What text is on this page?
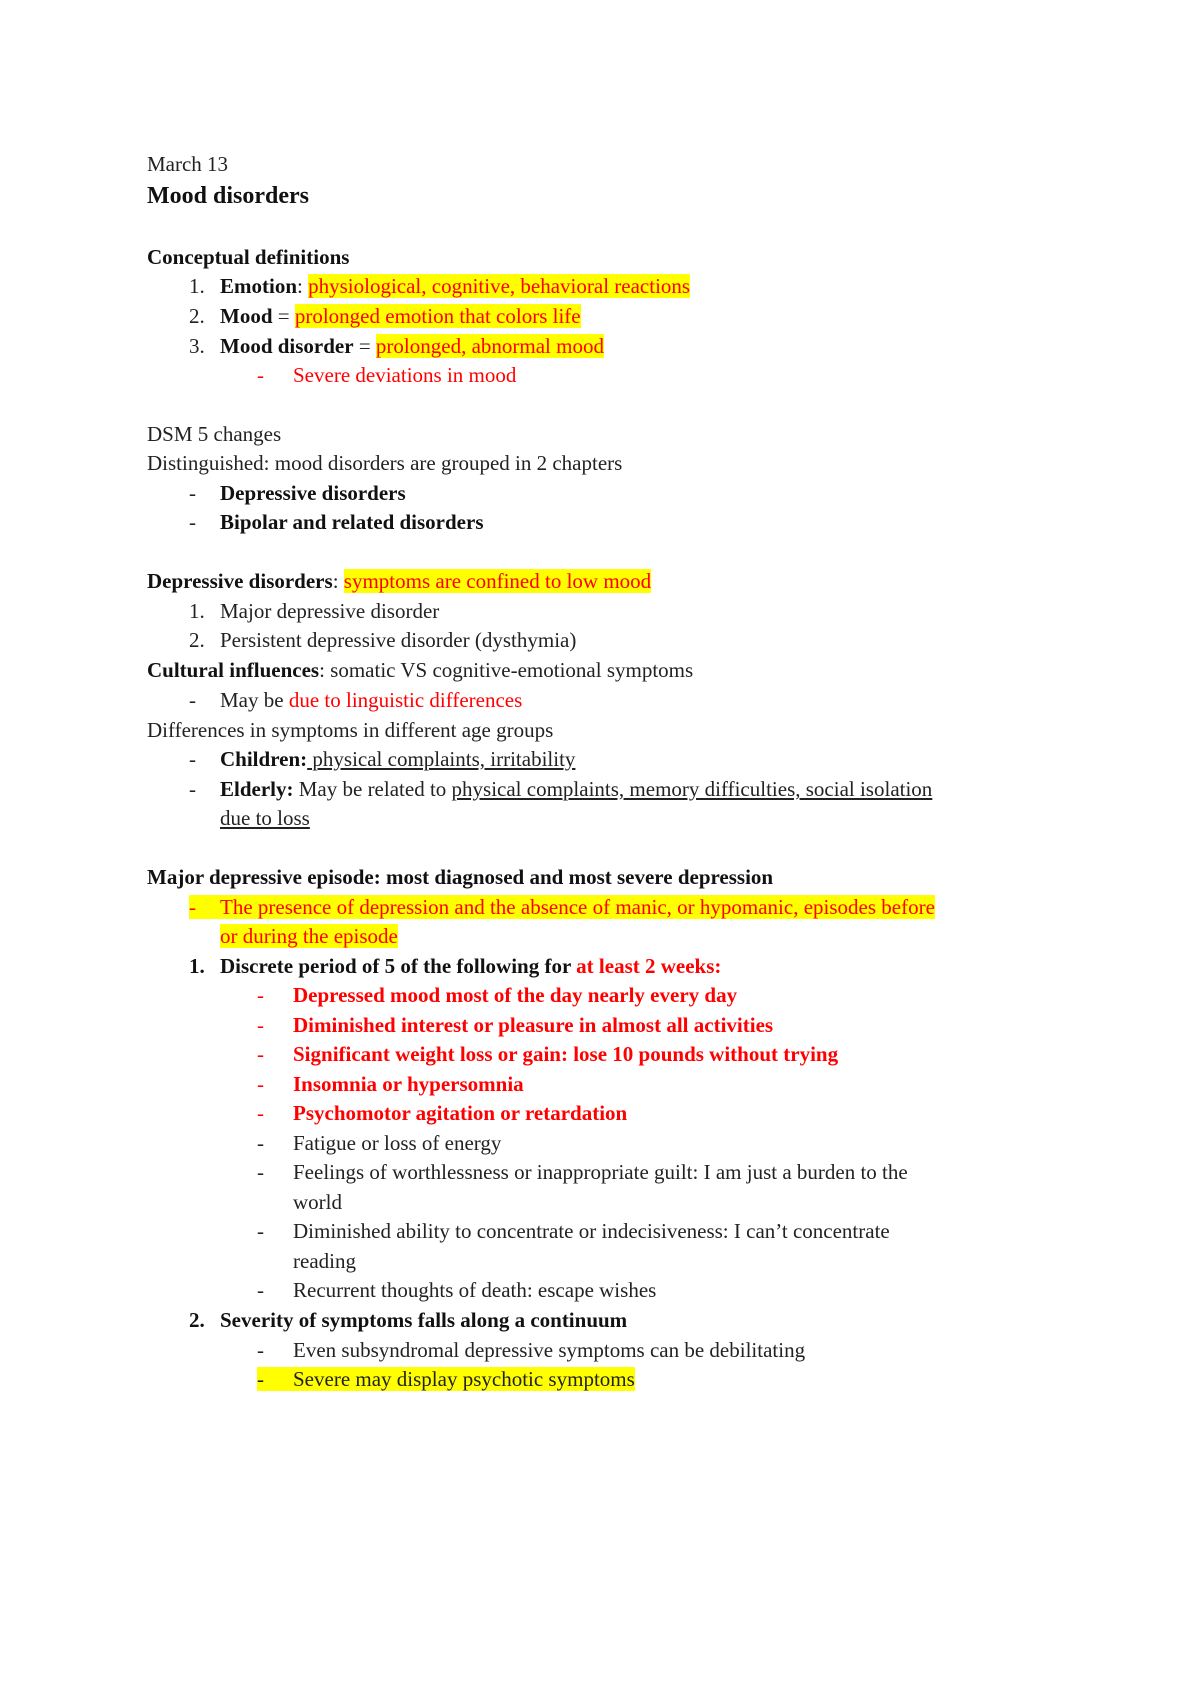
March 13
Mood disorders
Conceptual definitions
1. Emotion: physiological, cognitive, behavioral reactions
2. Mood = prolonged emotion that colors life
3. Mood disorder = prolonged, abnormal mood
- Severe deviations in mood
DSM 5 changes
Distinguished: mood disorders are grouped in 2 chapters
- Depressive disorders
- Bipolar and related disorders
Depressive disorders: symptoms are confined to low mood
1. Major depressive disorder
2. Persistent depressive disorder (dysthymia)
Cultural influences: somatic VS cognitive-emotional symptoms
- May be due to linguistic differences
Differences in symptoms in different age groups
- Children: physical complaints, irritability
- Elderly: May be related to physical complaints, memory difficulties, social isolation
due to loss
Major depressive episode: most diagnosed and most severe depression
- The presence of depression and the absence of manic, or hypomanic, episodes before
or during the episode
1. Discrete period of 5 of the following for at least 2 weeks:
- Depressed mood most of the day nearly every day
- Diminished interest or pleasure in almost all activities
- Significant weight loss or gain: lose 10 pounds without trying
- Insomnia or hypersomnia
- Psychomotor agitation or retardation
- Fatigue or loss of energy
- Feelings of worthlessness or inappropriate guilt: I am just a burden to the
world
- Diminished ability to concentrate or indecisiveness: I can’t concentrate
reading
- Recurrent thoughts of death: escape wishes
2. Severity of symptoms falls along a continuum
- Even subsyndromal depressive symptoms can be debilitating
- Severe may display psychotic symptoms
